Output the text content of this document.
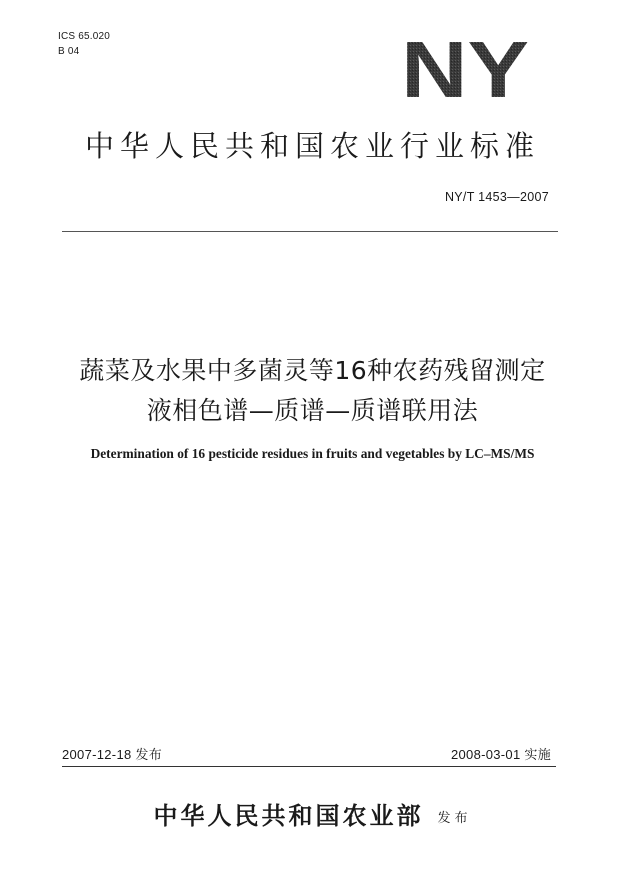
ICS 65.020
B 04	NY
中华人民共和国农业行业标准
NY/T 1453—2007
蔬菜及水果中多菌灵等16种农药残留测定
液相色谱—质谱—质谱联用法
Determination of 16 pesticide residues in fruits and vegetables by LC–MS/MS
2007-12-18 发布	2008-03-01 实施
中华人民共和国农业部 发布
